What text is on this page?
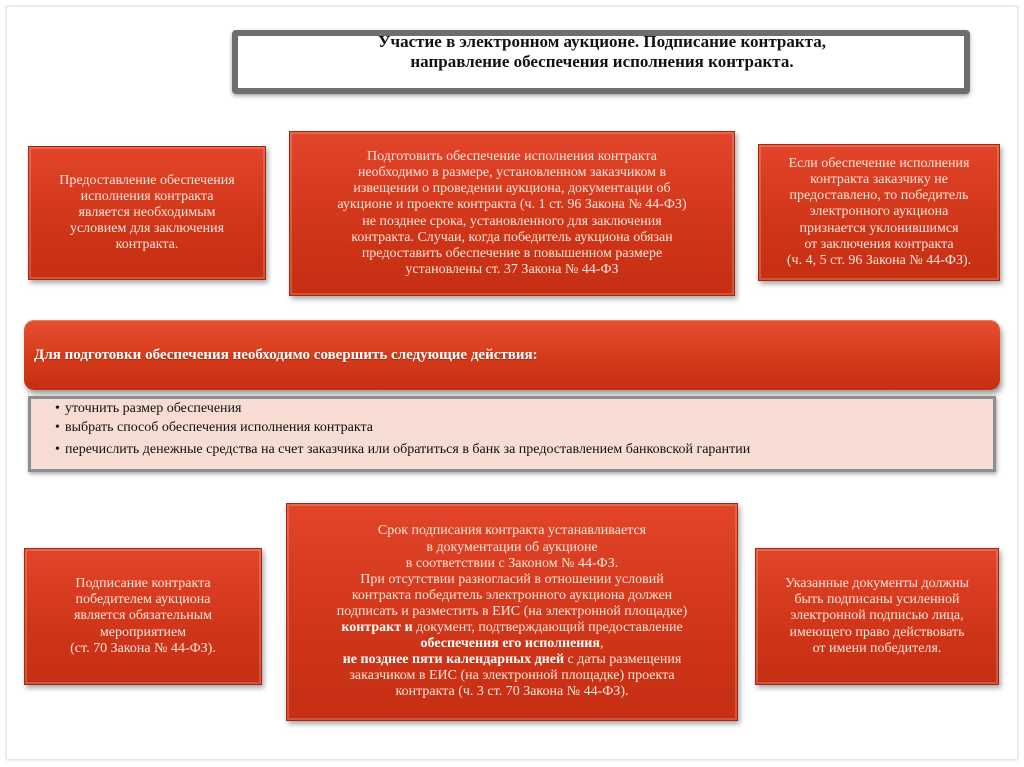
Участие в электронном аукционе. Подписание контракта,
направление обеспечения исполнения контракта.
Предоставление обеспечения
исполнения контракта
является необходимым
условием для заключения
контракта.
Подготовить обеспечение исполнения контракта
необходимо в размере, установленном заказчиком в
извещении о проведении аукциона, документации об
аукционе и проекте контракта (ч. 1 ст. 96 Закона № 44-ФЗ)
не позднее срока, установленного для заключения
контракта. Случаи, когда победитель аукциона обязан
предоставить обеспечение в повышенном размере
установлены ст. 37 Закона № 44-ФЗ
Если обеспечение исполнения
контракта заказчику не
предоставлено, то победитель
электронного аукциона
признается уклонившимся
от заключения контракта
(ч. 4, 5 ст. 96 Закона № 44-ФЗ).
Для подготовки обеспечения необходимо совершить следующие действия:
• уточнить размер обеспечения
• выбрать способ обеспечения исполнения контракта
• перечислить денежные средства на счет заказчика или обратиться в банк за предоставлением банковской гарантии
Подписание контракта
победителем аукциона
является обязательным
мероприятием
(ст. 70 Закона № 44-ФЗ).
Срок подписания контракта устанавливается
в документации об аукционе
в соответствии с Законом № 44-ФЗ.
При отсутствии разногласий в отношении условий
контракта победитель электронного аукциона должен
подписать и разместить в ЕИС (на электронной площадке)
контракт и документ, подтверждающий предоставление
обеспечения его исполнения,
не позднее пяти календарных дней с даты размещения
заказчиком в ЕИС (на электронной площадке) проекта
контракта (ч. 3 ст. 70 Закона № 44-ФЗ).
Указанные документы должны
быть подписаны усиленной
электронной подписью лица,
имеющего право действовать
от имени победителя.
